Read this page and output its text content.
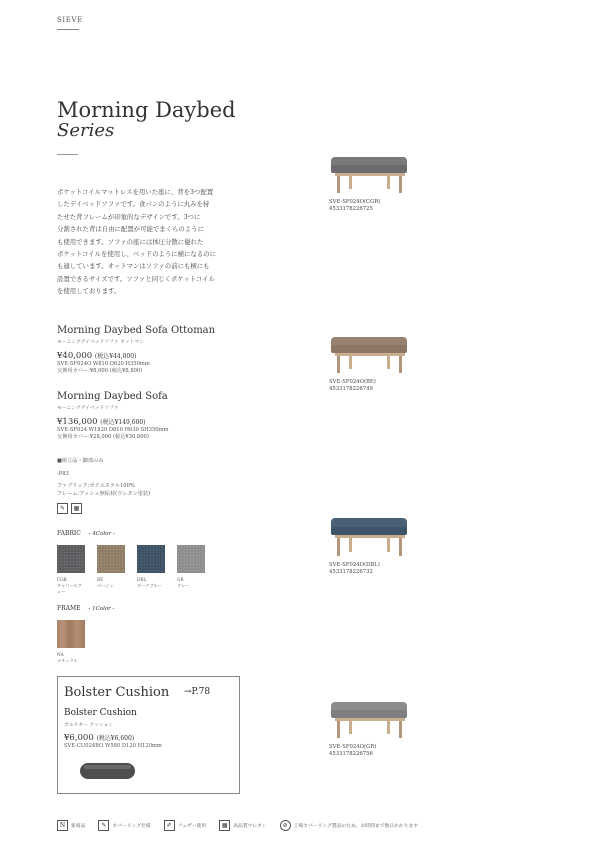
SIEVE
Morning Daybed
Series

ポケットコイルマットレスを用いた座に、背を3つ配置

したデイベッドソファです。食パンのように丸みを持

たせた背フレームが印象的なデザインです。3つに

分割された背は自由に配置が可能でまくらのように

も使用できます。ソファの座には体圧分散に優れた

ポケットコイルを使用し、ベッドのように横になるのに

も適しています。オットマンはソファの前にも横にも

設置できるサイズです。ソファと同じくポケットコイル

を使用しております。

Morning Daybed Sofa Ottoman
モーニングデイベッドソファ オットマン
¥40,000 (税込¥44,000)
SVE-SF024O W810 D620 H350mm
交換用カバー:¥8,000 (税込¥8,800)
Morning Daybed Sofa
モーニングデイベッドソファ
¥136,000 (税込¥149,600)
SVE-SF024 W1820 D810 H630 SH350mm
交換用カバー:¥28,000 (税込¥30,800)
■組立品・脚部のみ
-P83
ファブリック:ポリエステル100%
フレーム:アッシュ無垢材(ウレタン塗装)
✎	▦
FABRIC - 4Color -
CGR
チャコールグレー
BE
ベージュ
DBL
ダークブルー
GR
グレー
FRAME - 1Color -
NA
ナチュラル
Bolster Cushion →P.78
Bolster Cushion
ボルスター クッション
¥6,000 (税込¥6,600)
SVE-CU024BO W580 D120 H120mm
SVE-SF024O(CGR)
4533178226725
SVE-SF024O(BE)
4533178226749
SVE-SF024O(DBL)
4533178226732
SVE-SF024O(GR)
4533178226756
N	新商品	✎	カバーリング仕様	✐	フェザー使用	▦	高品質ウレタン	⊘	工場カバーリング製品のため、お時間まで数日かかります
